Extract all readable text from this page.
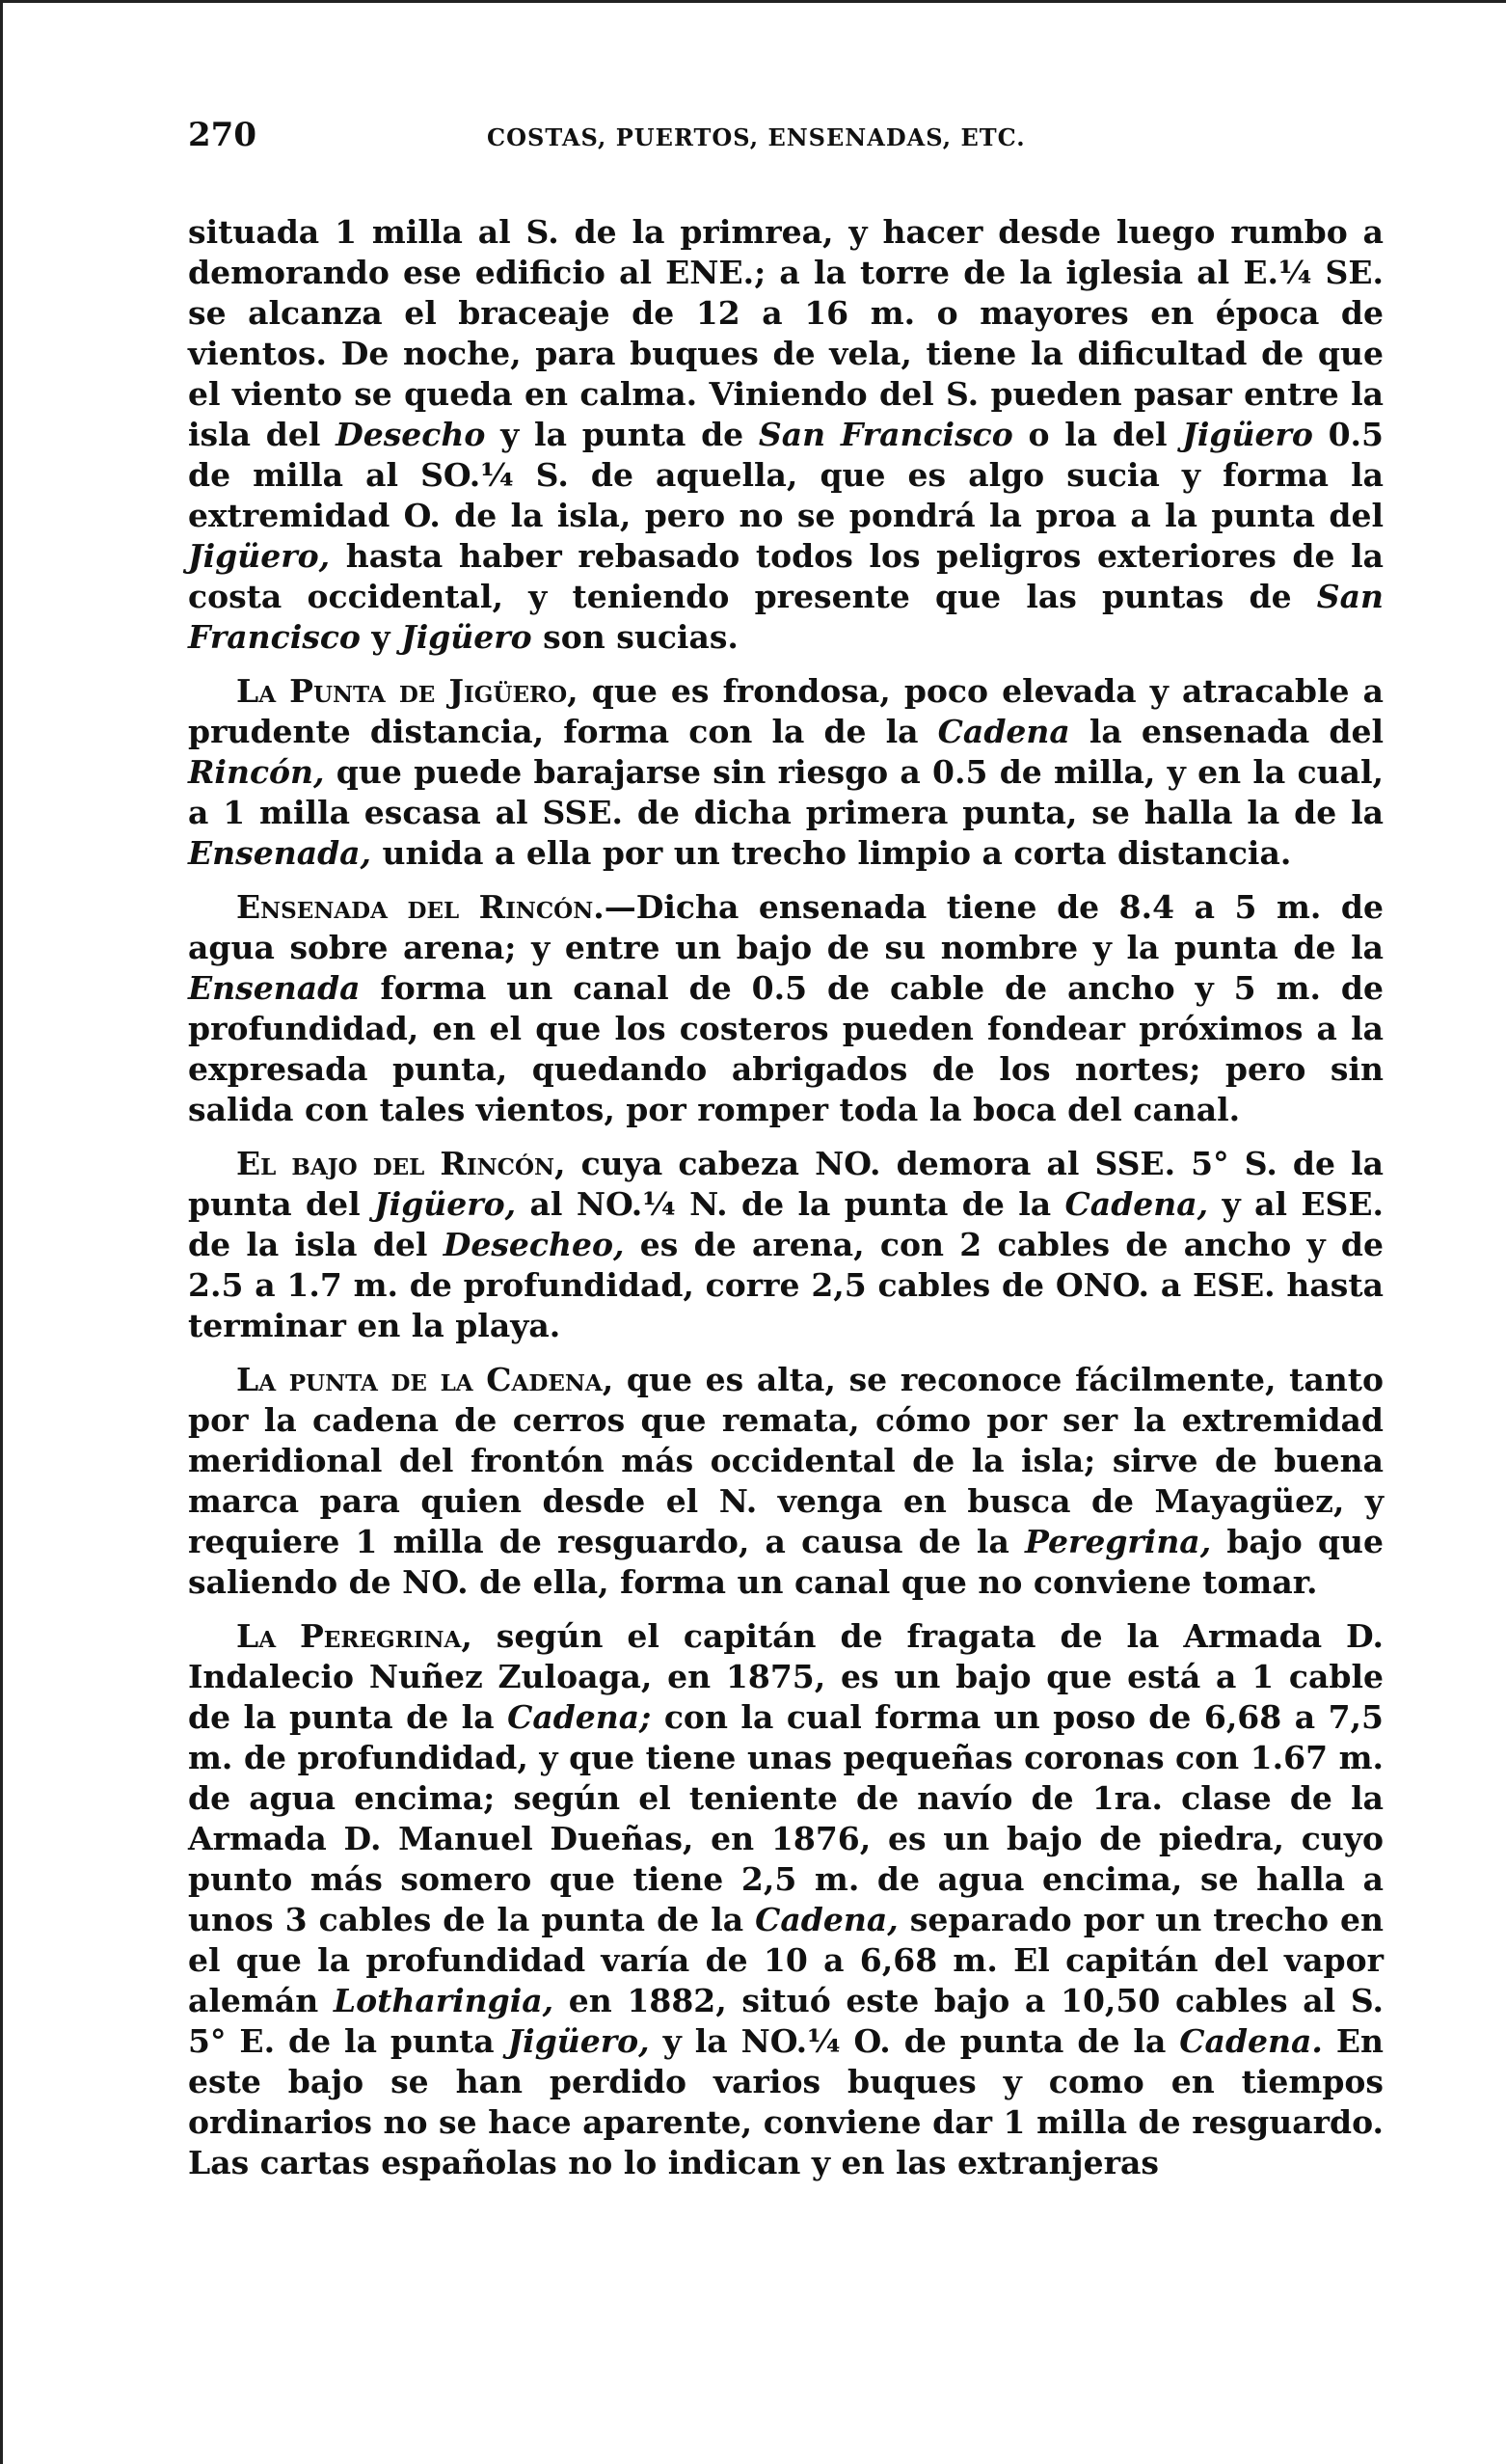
270	COSTAS, PUERTOS, ENSENADAS, ETC.

situada 1 milla al S. de la primrea, y hacer desde luego rumbo a demorando ese edificio al ENE.; a la torre de la iglesia al E.¼ SE. se alcanza el braceaje de 12 a 16 m. o mayores en época de vientos. De noche, para buques de vela, tiene la dificultad de que el viento se queda en calma. Viniendo del S. pueden pasar entre la isla del Desecho y la punta de San Francisco o la del Jigüero 0.5 de milla al SO.¼ S. de aquella, que es algo sucia y forma la extremidad O. de la isla, pero no se pondrá la proa a la punta del Jigüero, hasta haber rebasado todos los peligros exteriores de la costa occidental, y teniendo presente que las puntas de San Francisco y Jigüero son sucias.

La Punta de Jigüero, que es frondosa, poco elevada y atracable a prudente distancia, forma con la de la Cadena la ensenada del Rincón, que puede barajarse sin riesgo a 0.5 de milla, y en la cual, a 1 milla escasa al SSE. de dicha primera punta, se halla la de la Ensenada, unida a ella por un trecho limpio a corta distancia.

Ensenada del Rincón.—Dicha ensenada tiene de 8.4 a 5 m. de agua sobre arena; y entre un bajo de su nombre y la punta de la Ensenada forma un canal de 0.5 de cable de ancho y 5 m. de profundidad, en el que los costeros pueden fondear próximos a la expresada punta, quedando abrigados de los nortes; pero sin salida con tales vientos, por romper toda la boca del canal.

El bajo del Rincón, cuya cabeza NO. demora al SSE. 5° S. de la punta del Jigüero, al NO.¼ N. de la punta de la Cadena, y al ESE. de la isla del Desecheo, es de arena, con 2 cables de ancho y de 2.5 a 1.7 m. de profundidad, corre 2,5 cables de ONO. a ESE. hasta terminar en la playa.

La punta de la Cadena, que es alta, se reconoce fácilmente, tanto por la cadena de cerros que remata, cómo por ser la extremidad meridional del frontón más occidental de la isla; sirve de buena marca para quien desde el N. venga en busca de Mayagüez, y requiere 1 milla de resguardo, a causa de la Peregrina, bajo que saliendo de NO. de ella, forma un canal que no conviene tomar.

La Peregrina, según el capitán de fragata de la Armada D. Indalecio Nuñez Zuloaga, en 1875, es un bajo que está a 1 cable de la punta de la Cadena; con la cual forma un poso de 6,68 a 7,5 m. de profundidad, y que tiene unas pequeñas coronas con 1.67 m. de agua encima; según el teniente de navío de 1ra. clase de la Armada D. Manuel Dueñas, en 1876, es un bajo de piedra, cuyo punto más somero que tiene 2,5 m. de agua encima, se halla a unos 3 cables de la punta de la Cadena, separado por un trecho en el que la profundidad varía de 10 a 6,68 m. El capitán del vapor alemán Lotharingia, en 1882, situó este bajo a 10,50 cables al S. 5° E. de la punta Jigüero, y la NO.¼ O. de punta de la Cadena. En este bajo se han perdido varios buques y como en tiempos ordinarios no se hace aparente, conviene dar 1 milla de resguardo. Las cartas españolas no lo indican y en las extranjeras
